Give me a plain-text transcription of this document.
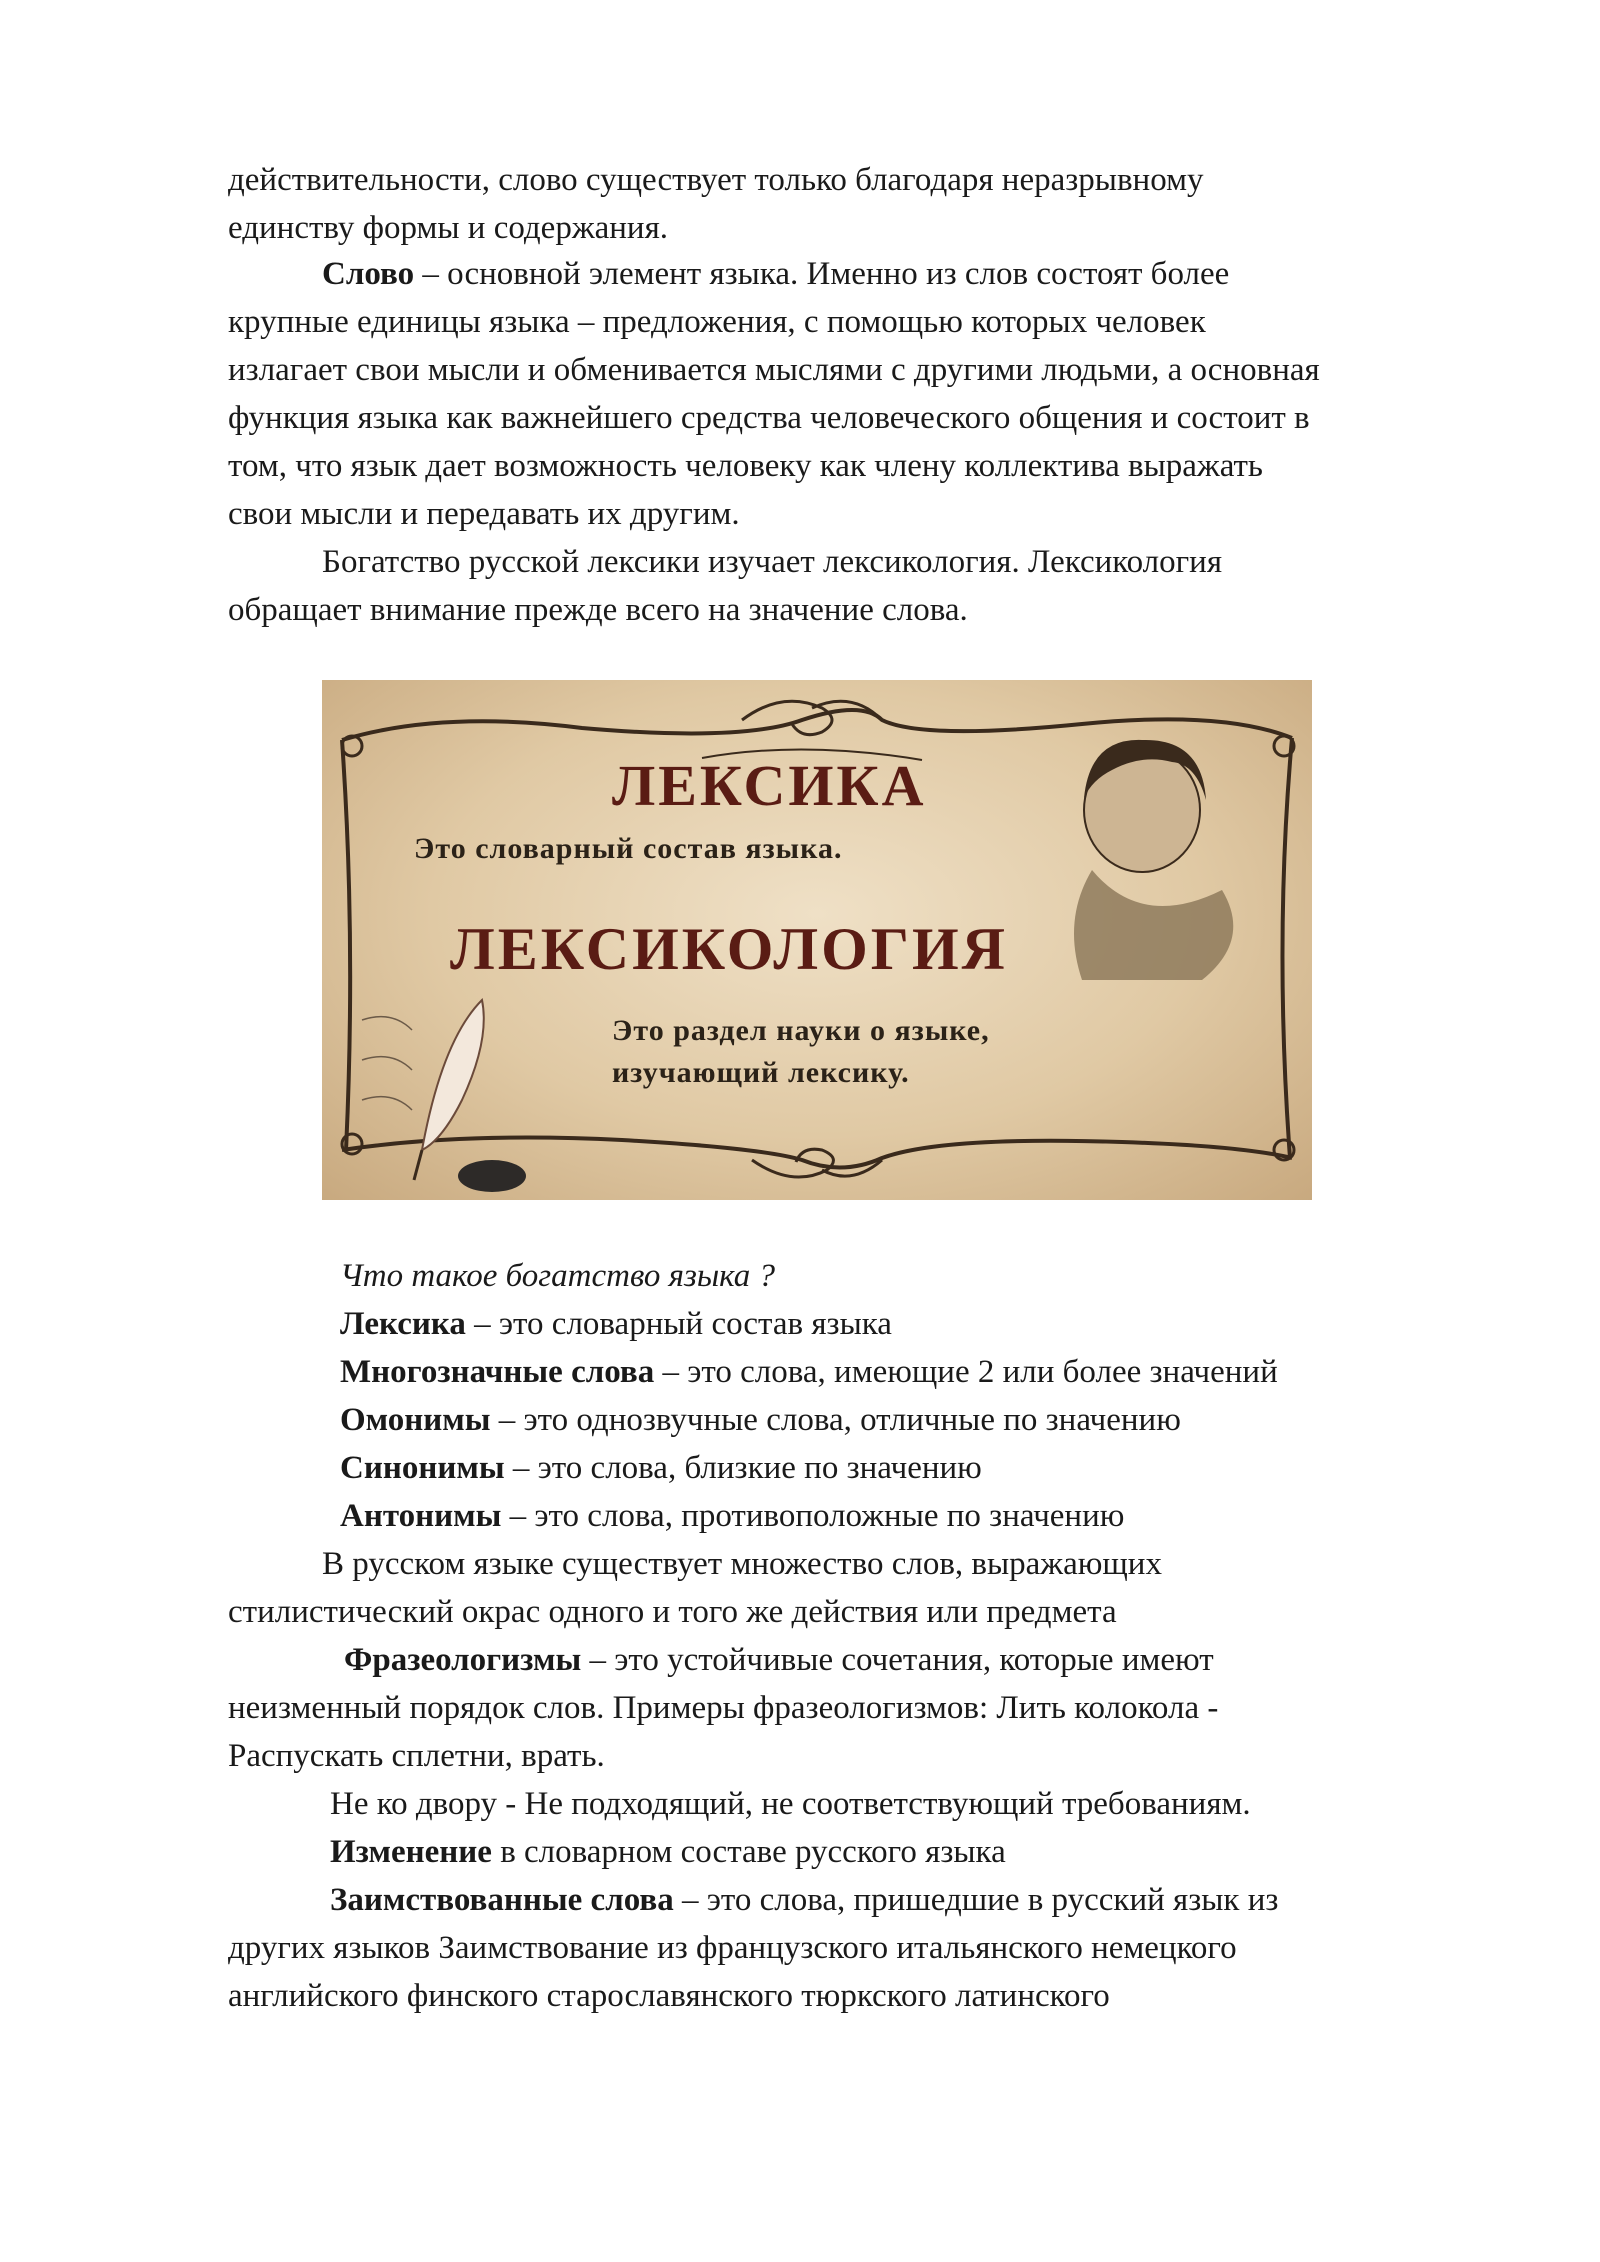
действительности, слово существует только благодаря неразрывному
единству формы и содержания.
Слово – основной элемент языка. Именно из слов состоят более
крупные единицы языка – предложения, с помощью которых человек
излагает свои мысли и обменивается мыслями с другими людьми, а основная
функция языка как важнейшего средства человеческого общения и состоит в
том, что язык дает возможность человеку как члену коллектива выражать
свои мысли и передавать их другим.
Богатство русской лексики изучает лексикология. Лексикология
обращает внимание прежде всего на значение слова.
ЛЕКСИКА
Это словарный состав языка.
ЛЕКСИКОЛОГИЯ
Это раздел науки о языке,
изучающий лексику.
Что такое богатство языка ?
Лексика – это словарный состав языка
Многозначные слова – это слова, имеющие 2 или более значений
Омонимы – это однозвучные слова, отличные по значению
Синонимы – это слова, близкие по значению
Антонимы – это слова, противоположные по значению
В русском языке существует множество слов, выражающих
стилистический окрас одного и того же действия или предмета
Фразеологизмы – это устойчивые сочетания, которые имеют
неизменный порядок слов. Примеры фразеологизмов: Лить колокола -
Распускать сплетни, врать.
Не ко двору - Не подходящий, не соответствующий требованиям.
Изменение в словарном составе русского языка
Заимствованные слова – это слова, пришедшие в русский язык из
других языков Заимствование из французского итальянского немецкого
английского финского старославянского тюркского латинского
